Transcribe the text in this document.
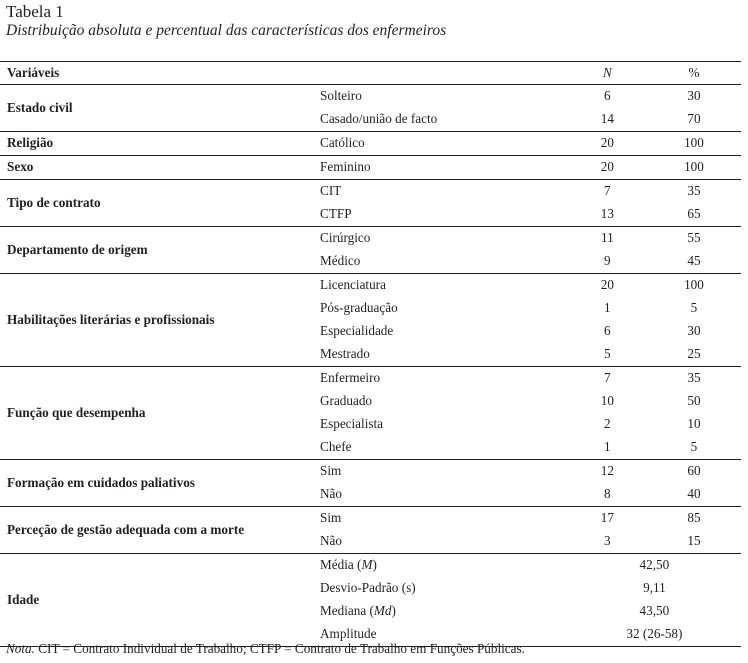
Tabela 1
Distribuição absoluta e percentual das características dos enfermeiros
Variáveis		N	%
Estado civil	Solteiro	6	30
	Casado/união de facto	14	70
Religião	Católico	20	100
Sexo	Feminino	20	100
Tipo de contrato	CIT	7	35
	CTFP	13	65
Departamento de origem	Cirúrgico	11	55
	Médico	9	45
Habilitações literárias e profissionais	Licenciatura	20	100
	Pós-graduação	1	5
	Especialidade	6	30
	Mestrado	5	25
Função que desempenha	Enfermeiro	7	35
	Graduado	10	50
	Especialista	2	10
	Chefe	1	5
Formação em cuidados paliativos	Sim	12	60
	Não	8	40
Perceção de gestão adequada com a morte	Sim	17	85
	Não	3	15
Idade	Média (M)	42,50	
	Desvio-Padrão (s)	9,11	
	Mediana (Md)	43,50	
	Amplitude	32 (26-58)	
Nota. CIT = Contrato Individual de Trabalho; CTFP = Contrato de Trabalho em Funções Públicas.
